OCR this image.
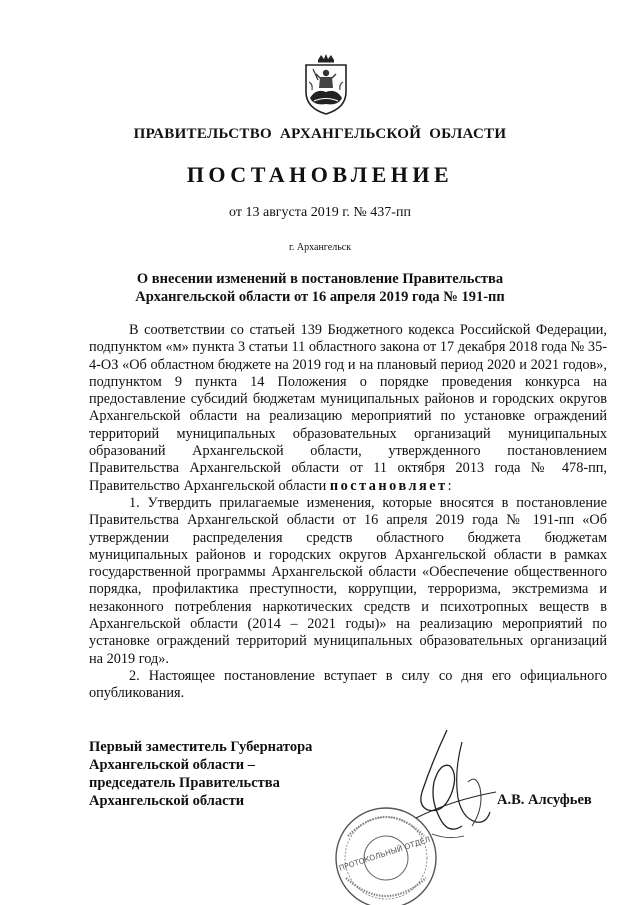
ПРАВИТЕЛЬСТВО АРХАНГЕЛЬСКОЙ ОБЛАСТИ
ПОСТАНОВЛЕНИЕ
от 13 августа 2019 г. № 437-пп
г. Архангельск
О внесении изменений в постановление Правительства
Архангельской области от 16 апреля 2019 года № 191-пп

В соответствии со статьей 139 Бюджетного кодекса Российской Федерации, подпунктом «м» пункта 3 статьи 11 областного закона от 17 декабря 2018 года № 35-4-ОЗ «Об областном бюджете на 2019 год и на плановый период 2020 и 2021 годов», подпунктом 9 пункта 14 Положения о порядке проведения конкурса на предоставление субсидий бюджетам муниципальных районов и городских округов Архангельской области на реализацию мероприятий по установке ограждений территорий муниципальных образовательных организаций муниципальных образований Архангельской области, утвержденного постановлением Правительства Архангельской области от 11 октября 2013 года № 478-пп, Правительство Архангельской области постановляет:

1. Утвердить прилагаемые изменения, которые вносятся в постановление Правительства Архангельской области от 16 апреля 2019 года № 191-пп «Об утверждении распределения средств областного бюджета бюджетам муниципальных районов и городских округов Архангельской области в рамках государственной программы Архангельской области «Обеспечение общественного порядка, профилактика преступности, коррупции, терроризма, экстремизма и незаконного потребления наркотических средств и психотропных веществ в Архангельской области (2014 – 2021 годы)» на реализацию мероприятий по установке ограждений территорий муниципальных образовательных организаций на 2019 год».

2. Настоящее постановление вступает в силу со дня его официального опубликования.

Первый заместитель Губернатора
Архангельской области –
председатель Правительства
Архангельской области
ПРОТОКОЛЬНЫЙ ОТДЕЛ
А.В. Алсуфьев
